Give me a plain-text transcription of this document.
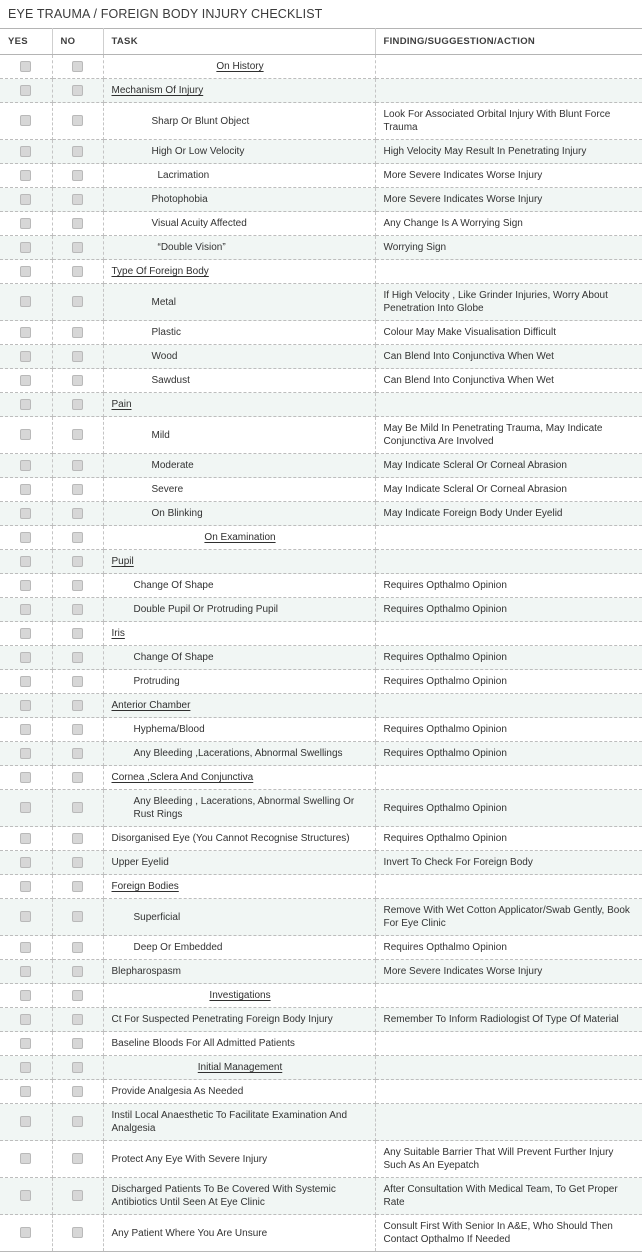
EYE TRAUMA / FOREIGN BODY INJURY CHECKLIST
YES	NO	TASK	FINDING/SUGGESTION/ACTION

		On History	

		Mechanism Of Injury	

		Sharp Or Blunt Object	Look For Associated Orbital Injury With Blunt Force Trauma

		High Or Low Velocity	High Velocity May Result In Penetrating Injury

		Lacrimation	More Severe Indicates Worse Injury

		Photophobia	More Severe Indicates Worse Injury

		Visual Acuity Affected	Any Change Is A Worrying Sign

		“Double Vision”	Worrying Sign

		Type Of Foreign Body	

		Metal	If High Velocity , Like Grinder Injuries, Worry About Penetration Into Globe

		Plastic	Colour May Make Visualisation Difficult

		Wood	Can Blend Into Conjunctiva When Wet

		Sawdust	Can Blend Into Conjunctiva When Wet

		Pain	

		Mild	May Be Mild In Penetrating Trauma, May Indicate Conjunctiva Are Involved

		Moderate	May Indicate Scleral Or Corneal Abrasion

		Severe	May Indicate Scleral Or Corneal Abrasion

		On Blinking	May Indicate Foreign Body Under Eyelid

		On Examination	

		Pupil	

		Change Of Shape	Requires Opthalmo Opinion

		Double Pupil Or Protruding Pupil	Requires Opthalmo Opinion

		Iris	

		Change Of Shape	Requires Opthalmo Opinion

		Protruding	Requires Opthalmo Opinion

		Anterior Chamber	

		Hyphema/Blood	Requires Opthalmo Opinion

		Any Bleeding ,Lacerations, Abnormal Swellings	Requires Opthalmo Opinion

		Cornea ,Sclera And Conjunctiva	

		Any Bleeding , Lacerations, Abnormal Swelling Or Rust Rings	Requires Opthalmo Opinion

		Disorganised Eye (You Cannot Recognise Structures)	Requires Opthalmo Opinion

		Upper Eyelid	Invert To Check For Foreign Body

		Foreign Bodies	

		Superficial	Remove With Wet Cotton Applicator/Swab Gently, Book For Eye Clinic

		Deep Or Embedded	Requires Opthalmo Opinion

		Blepharospasm	More Severe Indicates Worse Injury

		Investigations	

		Ct For Suspected Penetrating Foreign Body Injury	Remember To Inform Radiologist Of Type Of Material

		Baseline Bloods For All Admitted Patients	

		Initial Management	

		Provide Analgesia As Needed	

		Instil Local Anaesthetic To Facilitate Examination And Analgesia	

		Protect Any Eye With Severe Injury	Any Suitable Barrier That Will Prevent Further Injury Such As An Eyepatch

		Discharged Patients To Be Covered With Systemic Antibiotics Until Seen At Eye Clinic	After Consultation With Medical Team, To Get Proper Rate

		Any Patient Where You Are Unsure	Consult First With Senior In A&E, Who Should Then Contact Opthalmo If Needed
